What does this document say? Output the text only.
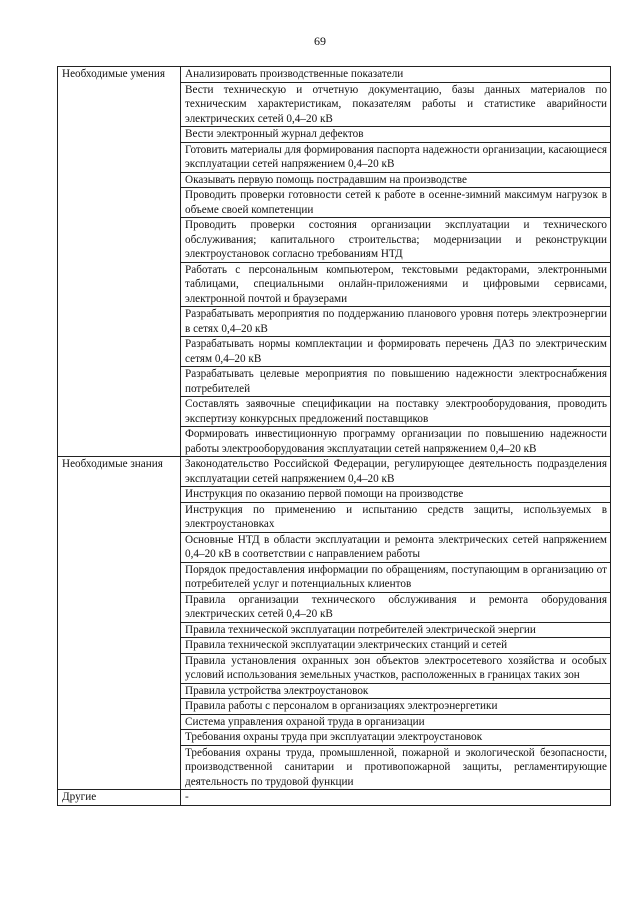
69
Необходимые умения	Анализировать производственные показатели
	Вести техническую и отчетную документацию, базы данных материалов по техническим характеристикам, показателям работы и статистике аварийности электрических сетей 0,4–20 кВ
	Вести электронный журнал дефектов
	Готовить материалы для формирования паспорта надежности организации, касающиеся эксплуатации сетей напряжением 0,4–20 кВ
	Оказывать первую помощь пострадавшим на производстве
	Проводить проверки готовности сетей к работе в осенне-зимний максимум нагрузок в объеме своей компетенции
	Проводить проверки состояния организации эксплуатации и технического обслуживания; капитального строительства; модернизации и реконструкции электроустановок согласно требованиям НТД
	Работать с персональным компьютером, текстовыми редакторами, электронными таблицами, специальными онлайн-приложениями и цифровыми сервисами, электронной почтой и браузерами
	Разрабатывать мероприятия по поддержанию планового уровня потерь электроэнергии в сетях 0,4–20 кВ
	Разрабатывать нормы комплектации и формировать перечень ДАЗ по электрическим сетям 0,4–20 кВ
	Разрабатывать целевые мероприятия по повышению надежности электроснабжения потребителей
	Составлять заявочные спецификации на поставку электрооборудования, проводить экспертизу конкурсных предложений поставщиков
	Формировать инвестиционную программу организации по повышению надежности работы электрооборудования эксплуатации сетей напряжением 0,4–20 кВ
Необходимые знания	Законодательство Российской Федерации, регулирующее деятельность подразделения эксплуатации сетей напряжением 0,4–20 кВ
	Инструкция по оказанию первой помощи на производстве
	Инструкция по применению и испытанию средств защиты, используемых в электроустановках
	Основные НТД в области эксплуатации и ремонта электрических сетей напряжением 0,4–20 кВ в соответствии с направлением работы
	Порядок предоставления информации по обращениям, поступающим в организацию от потребителей услуг и потенциальных клиентов
	Правила организации технического обслуживания и ремонта оборудования электрических сетей 0,4–20 кВ
	Правила технической эксплуатации потребителей электрической энергии
	Правила технической эксплуатации электрических станций и сетей
	Правила установления охранных зон объектов электросетевого хозяйства и особых условий использования земельных участков, расположенных в границах таких зон
	Правила устройства электроустановок
	Правила работы с персоналом в организациях электроэнергетики
	Система управления охраной труда в организации
	Требования охраны труда при эксплуатации электроустановок
	Требования охраны труда, промышленной, пожарной и экологической безопасности, производственной санитарии и противопожарной защиты, регламентирующие деятельность по трудовой функции
Другие	-
